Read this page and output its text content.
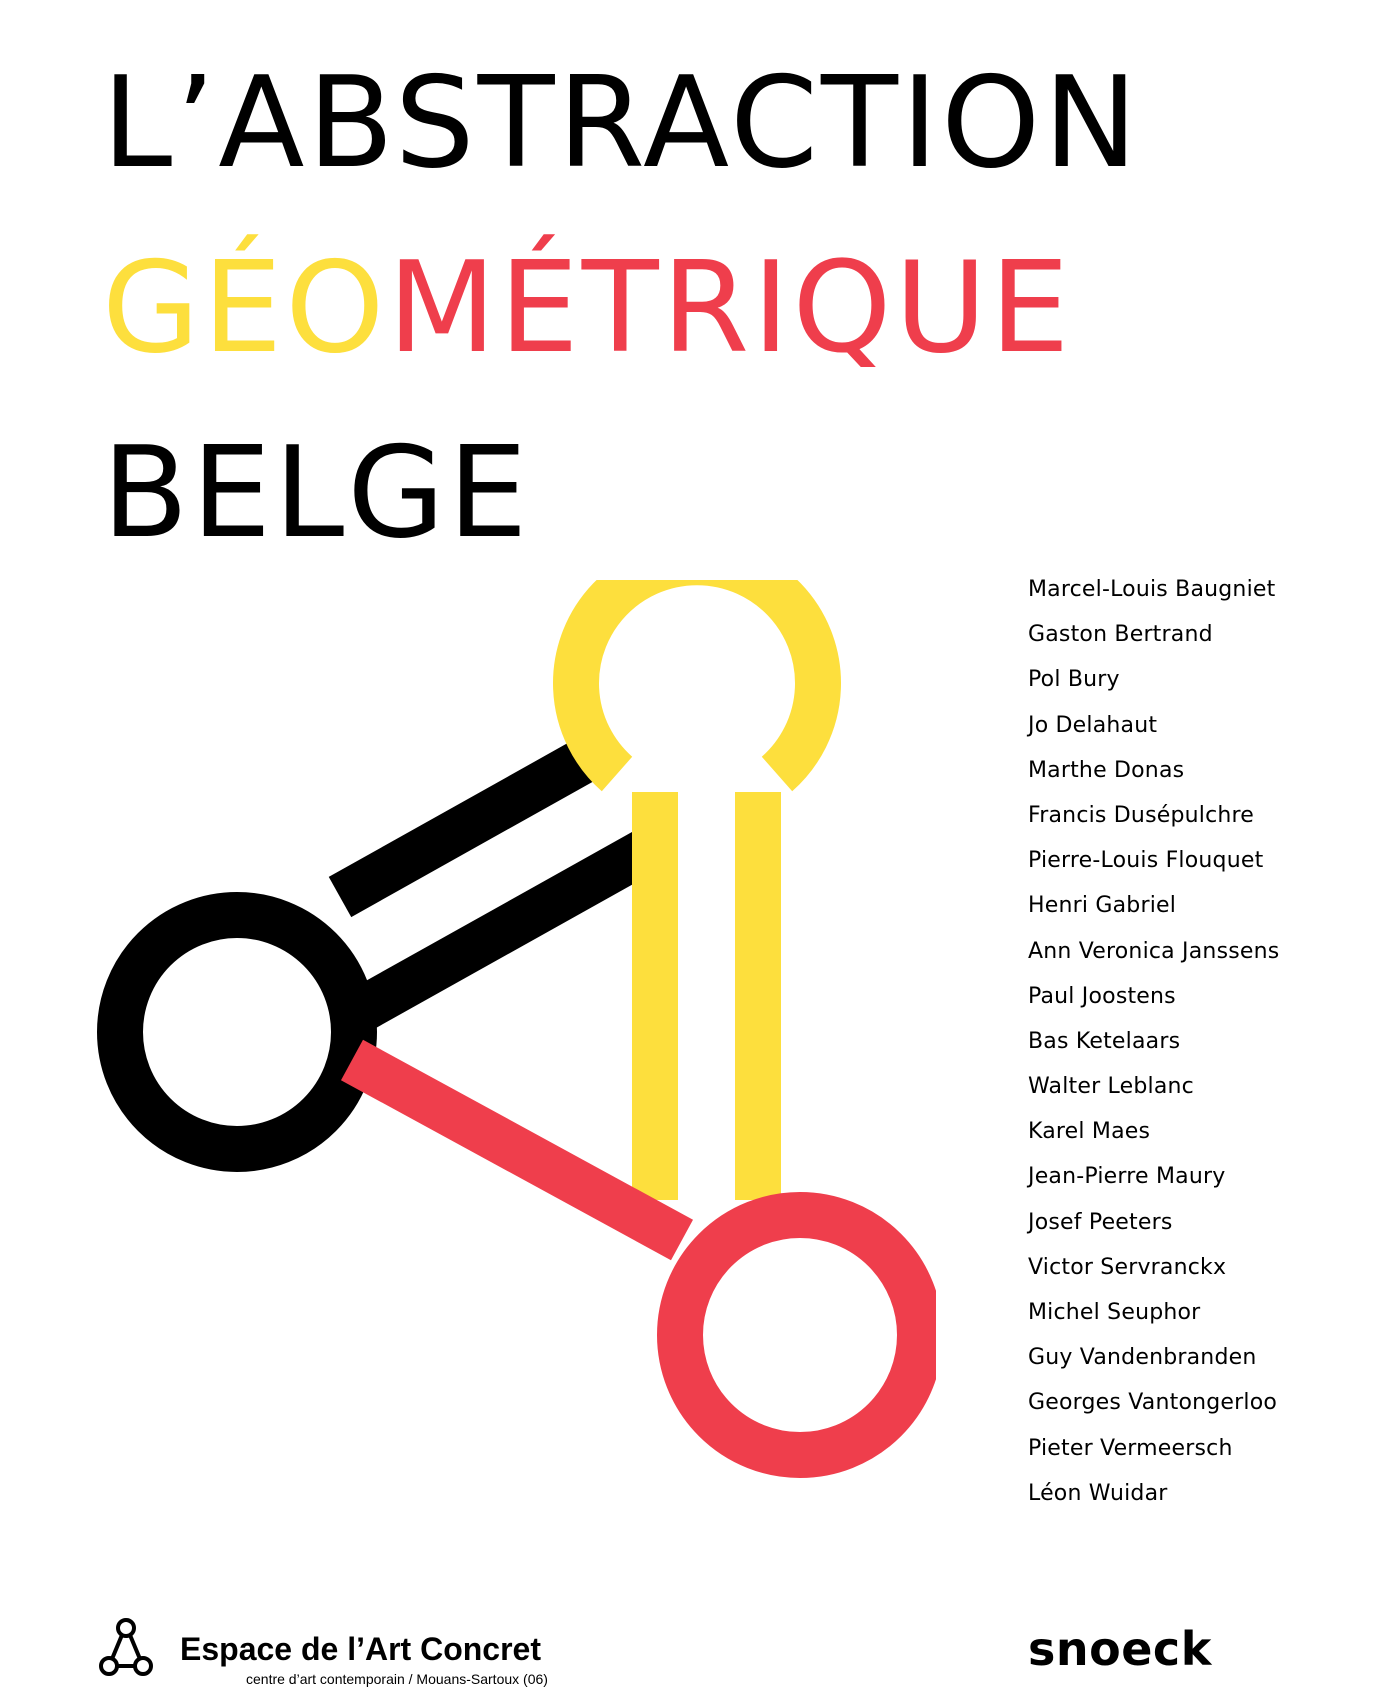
L’ABSTRACTION
GÉOMÉTRIQUE
BELGE
Marcel-Louis Baugniet
Gaston Bertrand
Pol Bury
Jo Delahaut
Marthe Donas
Francis Dusépulchre
Pierre-Louis Flouquet
Henri Gabriel
Ann Veronica Janssens
Paul Joostens
Bas Ketelaars
Walter Leblanc
Karel Maes
Jean-Pierre Maury
Josef Peeters
Victor Servranckx
Michel Seuphor
Guy Vandenbranden
Georges Vantongerloo
Pieter Vermeersch
Léon Wuidar
Espace de l’Art Concret
centre d’art contemporain / Mouans-Sartoux (06)
snoeck
